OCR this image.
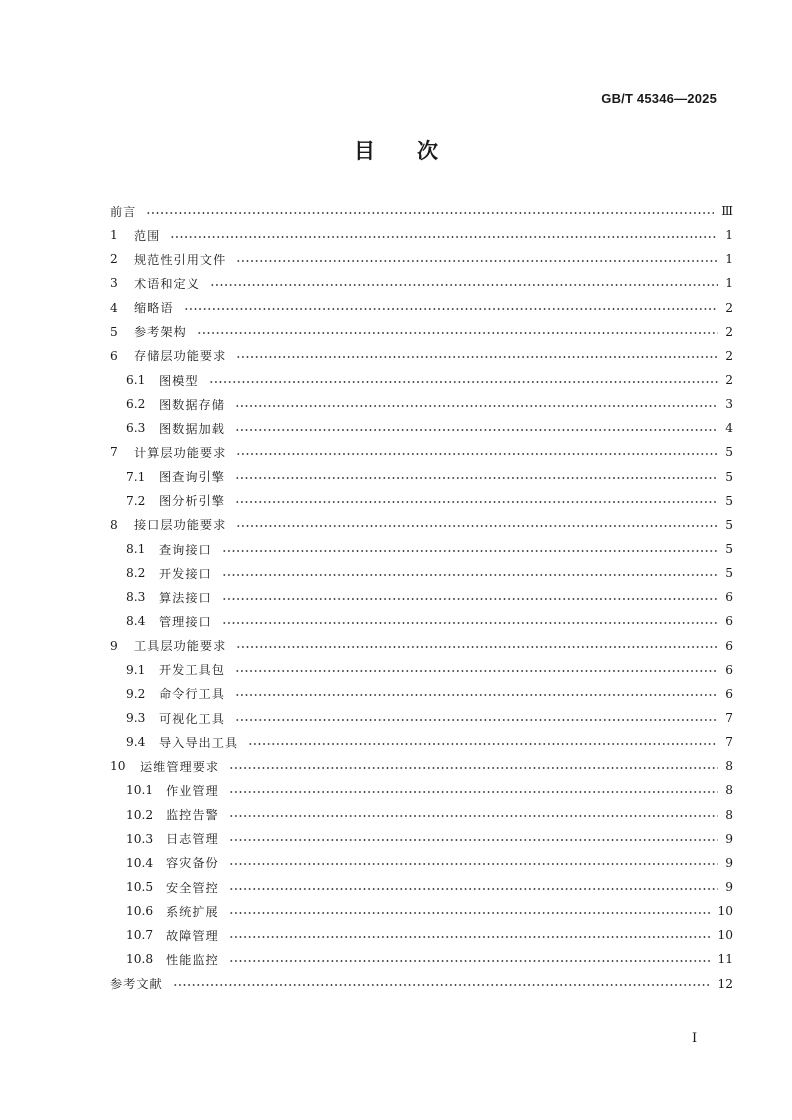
GB/T 45346—2025
目 次
前言	Ⅲ
1	范围	1
2	规范性引用文件	1
3	术语和定义	1
4	缩略语	2
5	参考架构	2
6	存储层功能要求	2
6.1	图模型	2
6.2	图数据存储	3
6.3	图数据加载	4
7	计算层功能要求	5
7.1	图查询引擎	5
7.2	图分析引擎	5
8	接口层功能要求	5
8.1	查询接口	5
8.2	开发接口	5
8.3	算法接口	6
8.4	管理接口	6
9	工具层功能要求	6
9.1	开发工具包	6
9.2	命令行工具	6
9.3	可视化工具	7
9.4	导入导出工具	7
10	运维管理要求	8
10.1	作业管理	8
10.2	监控告警	8
10.3	日志管理	9
10.4	容灾备份	9
10.5	安全管控	9
10.6	系统扩展	10
10.7	故障管理	10
10.8	性能监控	11
参考文献	12
I
